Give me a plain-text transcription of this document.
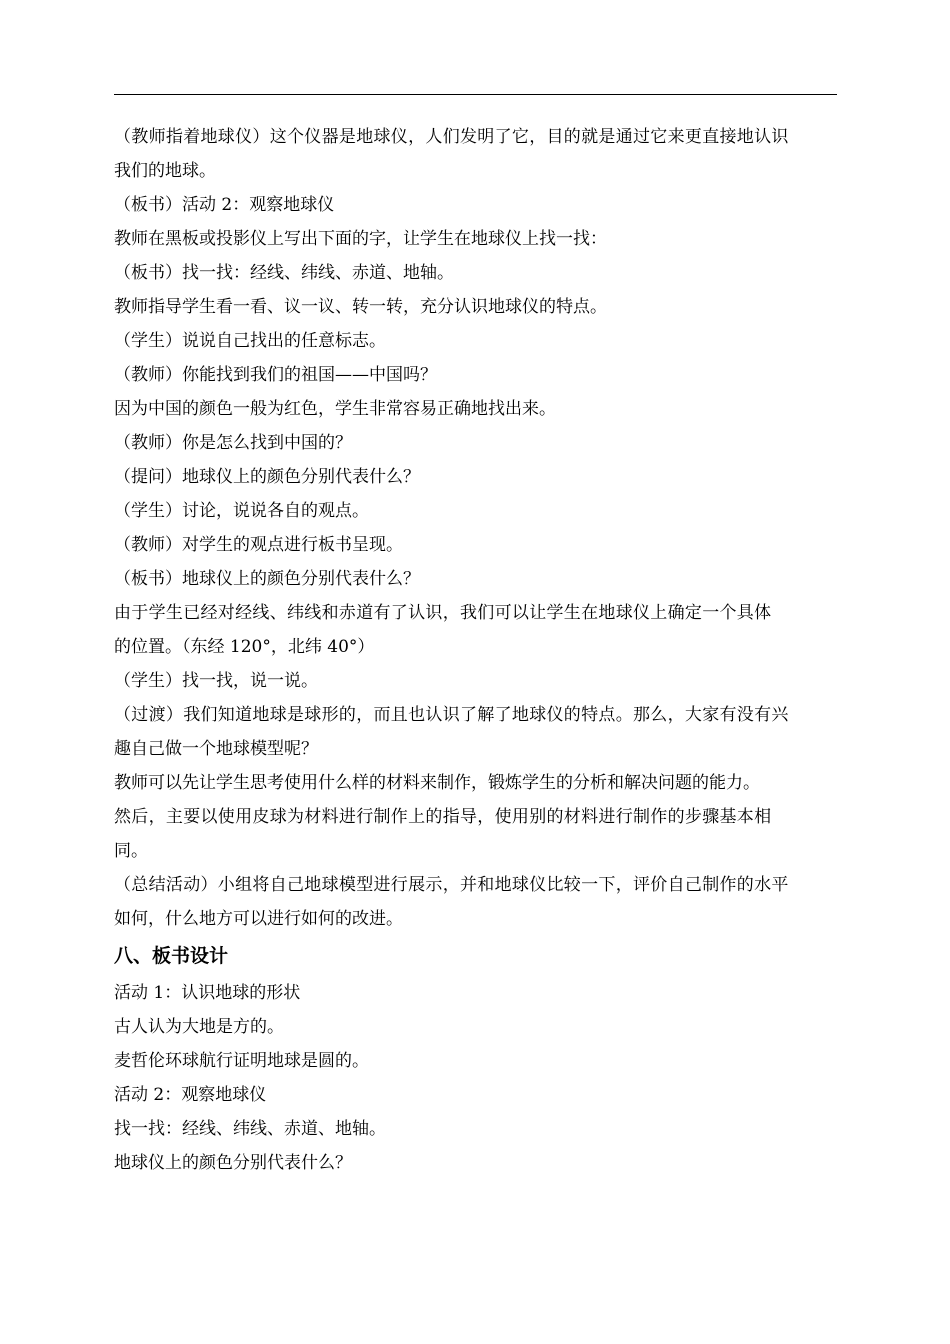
（教师指着地球仪）这个仪器是地球仪，人们发明了它，目的就是通过它来更直接地认识
我们的地球。
（板书）活动 2：观察地球仪
教师在黑板或投影仪上写出下面的字，让学生在地球仪上找一找：
（板书）找一找：经线、纬线、赤道、地轴。
教师指导学生看一看、议一议、转一转，充分认识地球仪的特点。
（学生）说说自己找出的任意标志。
（教师）你能找到我们的祖国——中国吗？
因为中国的颜色一般为红色，学生非常容易正确地找出来。
（教师）你是怎么找到中国的？
（提问）地球仪上的颜色分别代表什么？
（学生）讨论，说说各自的观点。
（教师）对学生的观点进行板书呈现。
（板书）地球仪上的颜色分别代表什么？
由于学生已经对经线、纬线和赤道有了认识，我们可以让学生在地球仪上确定一个具体
的位置。（东经 120°，北纬 40°）
（学生）找一找，说一说。
（过渡）我们知道地球是球形的，而且也认识了解了地球仪的特点。那么，大家有没有兴
趣自己做一个地球模型呢？
教师可以先让学生思考使用什么样的材料来制作，锻炼学生的分析和解决问题的能力。
然后，主要以使用皮球为材料进行制作上的指导，使用别的材料进行制作的步骤基本相
同。
（总结活动）小组将自己地球模型进行展示，并和地球仪比较一下，评价自己制作的水平
如何，什么地方可以进行如何的改进。
八、板书设计
活动 1：认识地球的形状
古人认为大地是方的。
麦哲伦环球航行证明地球是圆的。
活动 2：观察地球仪
找一找：经线、纬线、赤道、地轴。
地球仪上的颜色分别代表什么？
